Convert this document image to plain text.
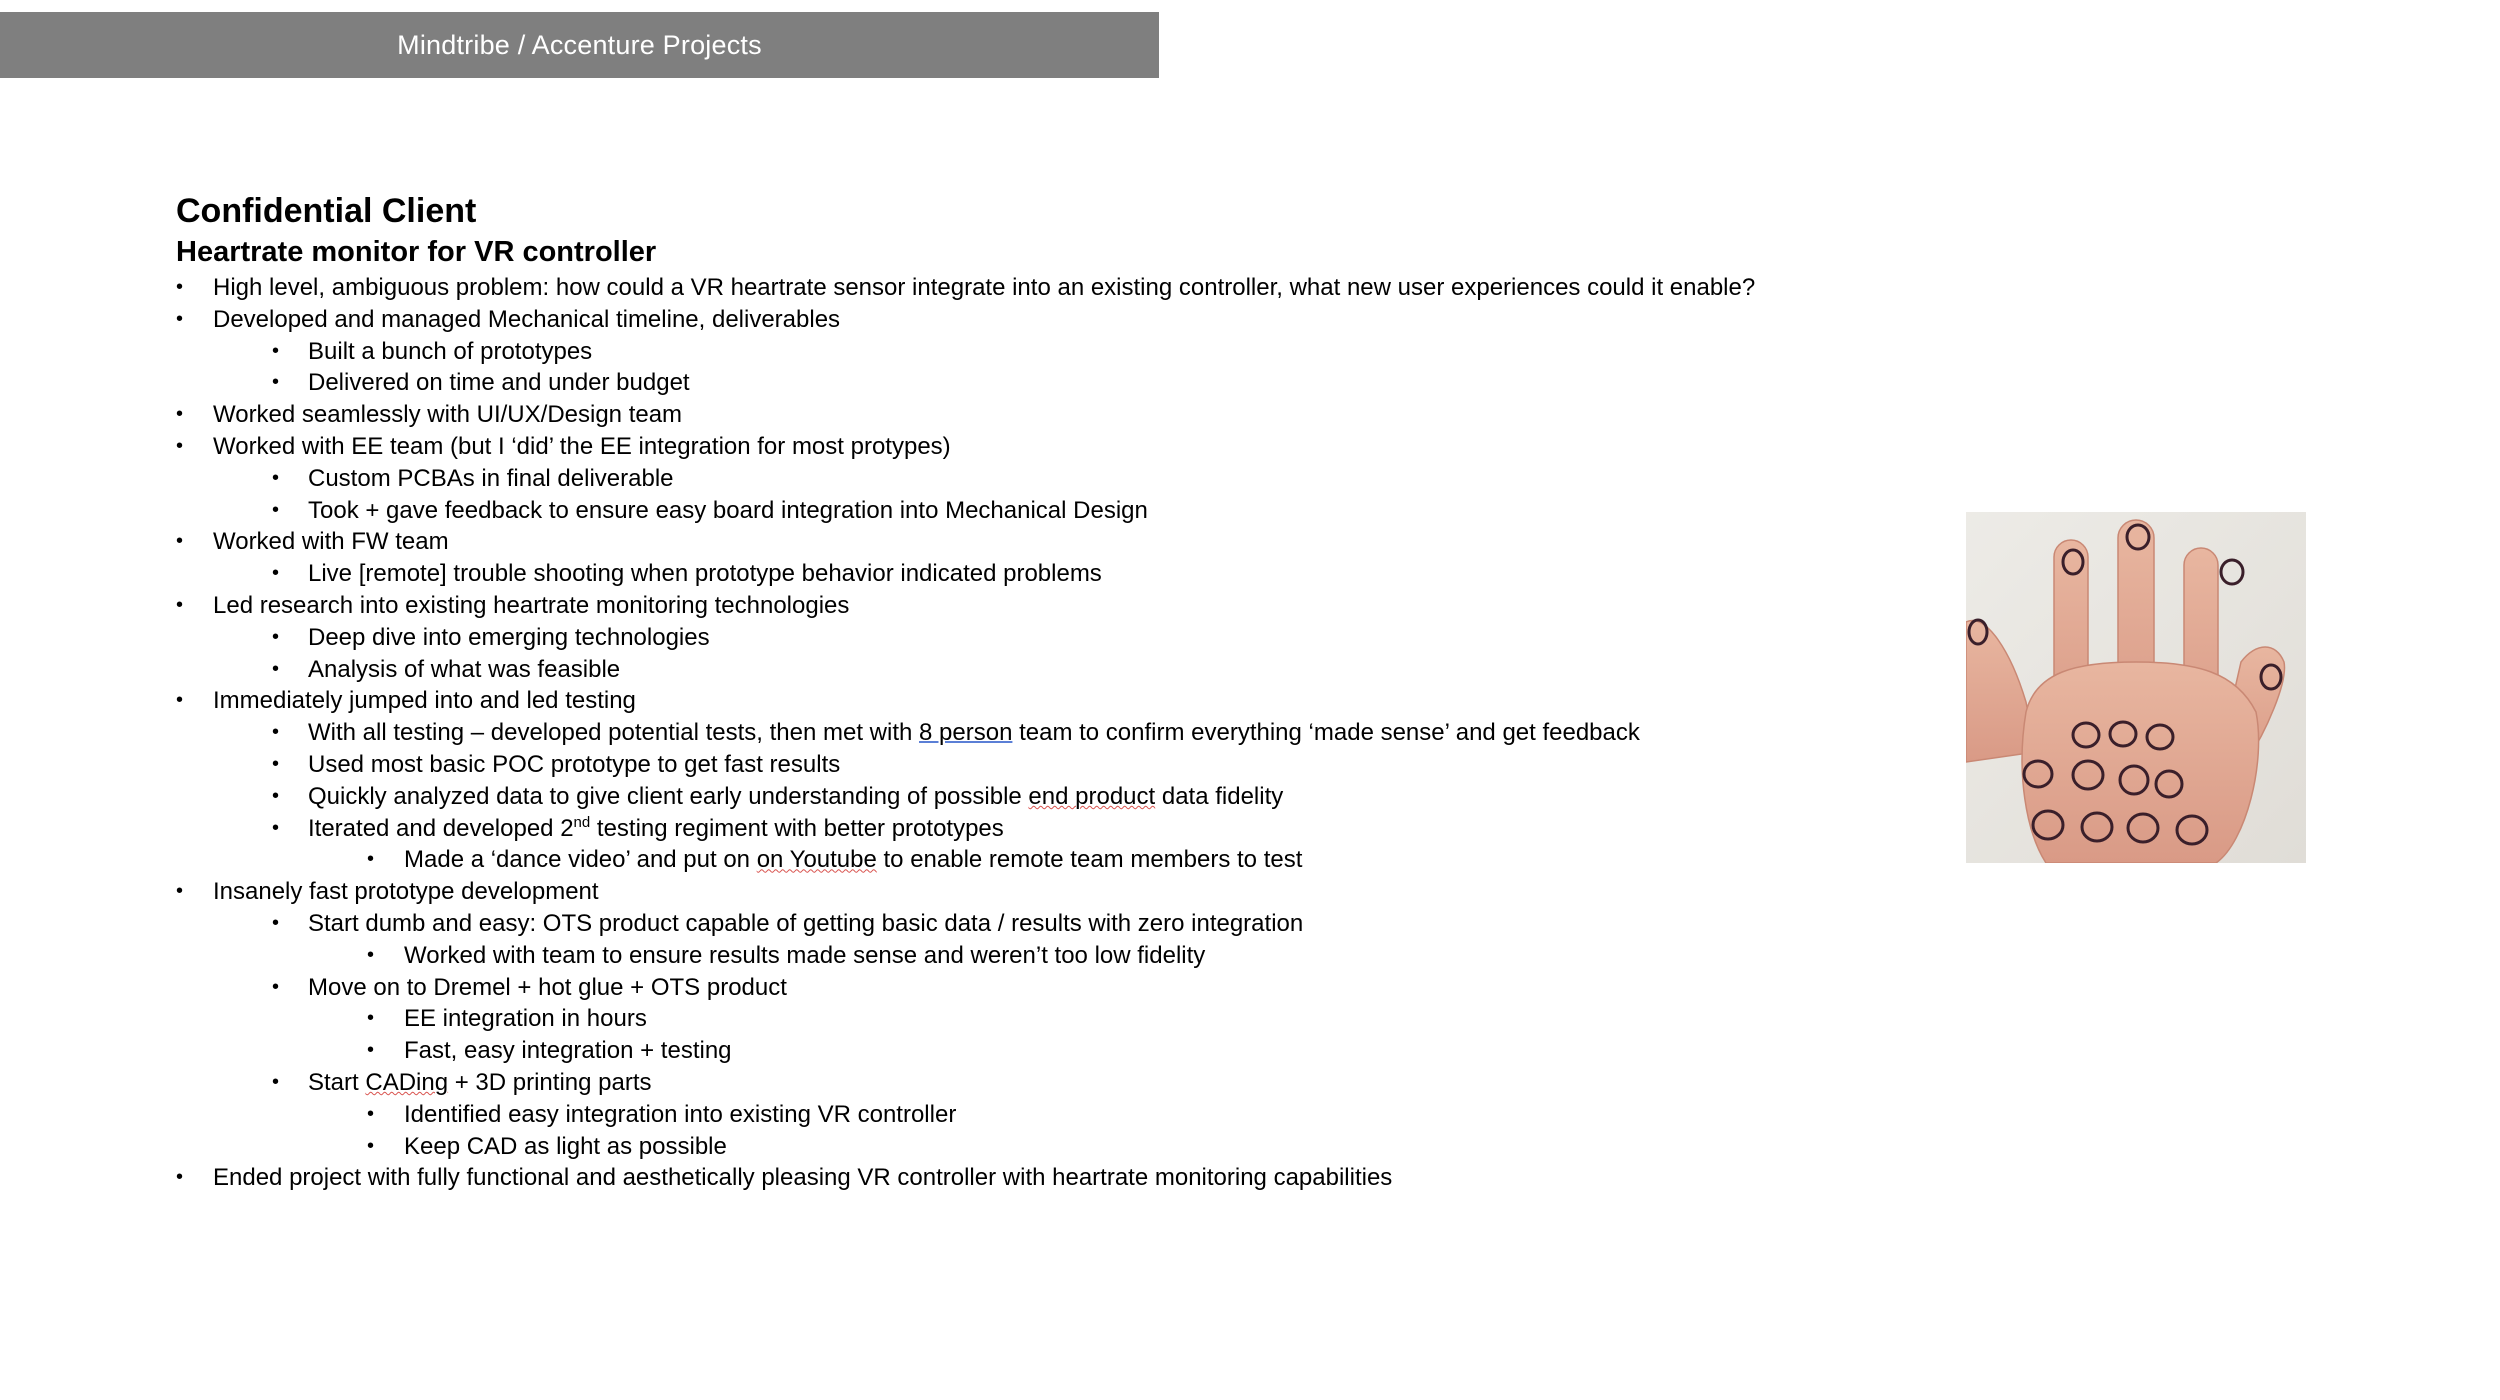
Mindtribe / Accenture Projects
Confidential Client
Heartrate monitor for VR controller
• High level, ambiguous problem: how could a VR heartrate sensor integrate into an existing controller, what new user experiences could it enable?
• Developed and managed Mechanical timeline, deliverables
• Built a bunch of prototypes
• Delivered on time and under budget
• Worked seamlessly with UI/UX/Design team
• Worked with EE team (but I ‘did’ the EE integration for most protypes)
• Custom PCBAs in final deliverable
• Took + gave feedback to ensure easy board integration into Mechanical Design
• Worked with FW team
• Live [remote] trouble shooting when prototype behavior indicated problems
• Led research into existing heartrate monitoring technologies
• Deep dive into emerging technologies
• Analysis of what was feasible
• Immediately jumped into and led testing
• With all testing – developed potential tests, then met with 8 person team to confirm everything ‘made sense’ and get feedback
• Used most basic POC prototype to get fast results
• Quickly analyzed data to give client early understanding of possible end product data fidelity
• Iterated and developed 2nd testing regiment with better prototypes
• Made a ‘dance video’ and put on on Youtube to enable remote team members to test
• Insanely fast prototype development
• Start dumb and easy: OTS product capable of getting basic data / results with zero integration
• Worked with team to ensure results made sense and weren’t too low fidelity
• Move on to Dremel + hot glue + OTS product
• EE integration in hours
• Fast, easy integration + testing
• Start CADing + 3D printing parts
• Identified easy integration into existing VR controller
• Keep CAD as light as possible
• Ended project with fully functional and aesthetically pleasing VR controller with heartrate monitoring capabilities
